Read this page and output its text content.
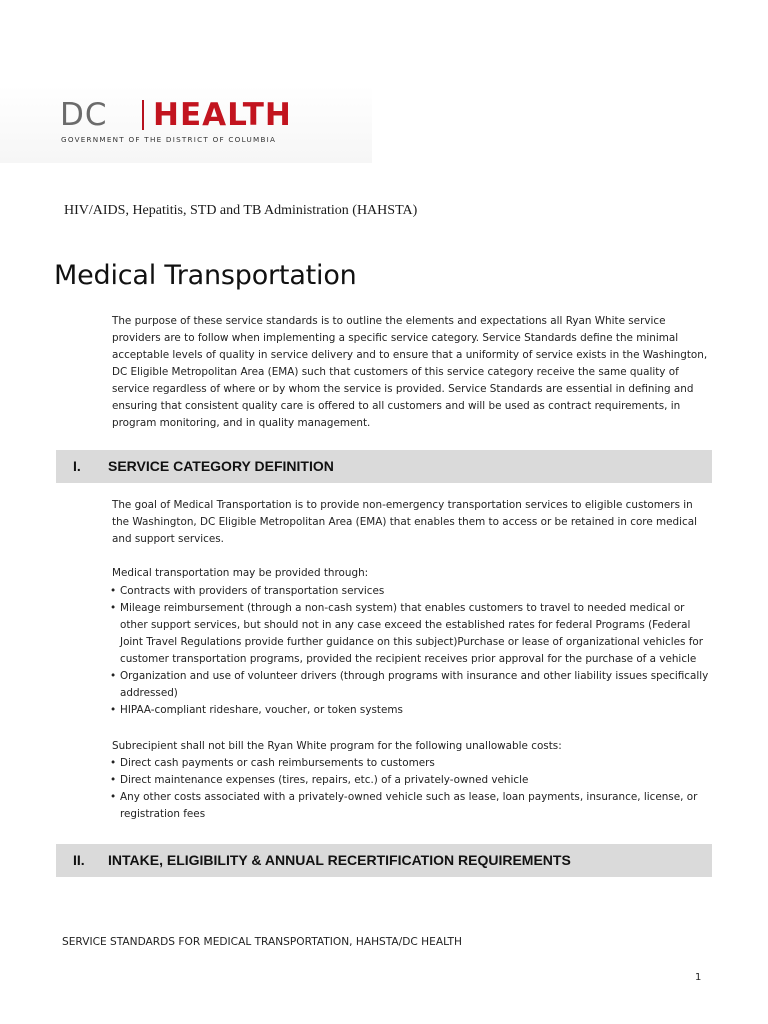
DC HEALTH
GOVERNMENT OF THE DISTRICT OF COLUMBIA
HIV/AIDS, Hepatitis, STD and TB Administration (HAHSTA)
Medical Transportation

The purpose of these service standards is to outline the elements and expectations all Ryan White service providers are to follow when implementing a specific service category. Service Standards define the minimal acceptable levels of quality in service delivery and to ensure that a uniformity of service exists in the Washington, DC Eligible Metropolitan Area (EMA) such that customers of this service category receive the same quality of service regardless of where or by whom the service is provided. Service Standards are essential in defining and ensuring that consistent quality care is offered to all customers and will be used as contract requirements, in program monitoring, and in quality management.

I. SERVICE CATEGORY DEFINITION

The goal of Medical Transportation is to provide non-emergency transportation services to eligible customers in the Washington, DC Eligible Metropolitan Area (EMA) that enables them to access or be retained in core medical and support services.

Medical transportation may be provided through:

• Contracts with providers of transportation services
• Mileage reimbursement (through a non-cash system) that enables customers to travel to needed medical or other support services, but should not in any case exceed the established rates for federal Programs (Federal Joint Travel Regulations provide further guidance on this subject)Purchase or lease of organizational vehicles for customer transportation programs, provided the recipient receives prior approval for the purchase of a vehicle
• Organization and use of volunteer drivers (through programs with insurance and other liability issues specifically addressed)
• HIPAA-compliant rideshare, voucher, or token systems

Subrecipient shall not bill the Ryan White program for the following unallowable costs:

• Direct cash payments or cash reimbursements to customers
• Direct maintenance expenses (tires, repairs, etc.) of a privately-owned vehicle
• Any other costs associated with a privately-owned vehicle such as lease, loan payments, insurance, license, or registration fees
II. INTAKE, ELIGIBILITY & ANNUAL RECERTIFICATION REQUIREMENTS
SERVICE STANDARDS FOR MEDICAL TRANSPORTATION, HAHSTA/DC HEALTH
1
